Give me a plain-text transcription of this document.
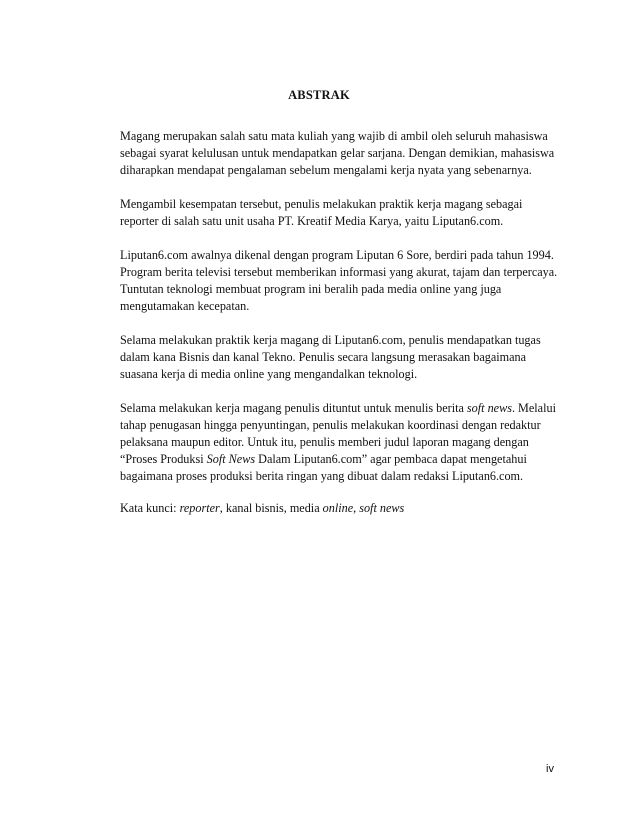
ABSTRAK

Magang merupakan salah satu mata kuliah yang wajib di ambil oleh seluruh mahasiswa sebagai syarat kelulusan untuk mendapatkan gelar sarjana. Dengan demikian, mahasiswa diharapkan mendapat pengalaman sebelum mengalami kerja nyata yang sebenarnya.

Mengambil kesempatan tersebut, penulis melakukan praktik kerja magang sebagai reporter di salah satu unit usaha PT. Kreatif Media Karya, yaitu Liputan6.com.

Liputan6.com awalnya dikenal dengan program Liputan 6 Sore, berdiri pada tahun 1994. Program berita televisi tersebut memberikan informasi yang akurat, tajam dan terpercaya. Tuntutan teknologi membuat program ini beralih pada media online yang juga mengutamakan kecepatan.

Selama melakukan praktik kerja magang di Liputan6.com, penulis mendapatkan tugas dalam kana Bisnis dan kanal Tekno. Penulis secara langsung merasakan bagaimana suasana kerja di media online yang mengandalkan teknologi.

Selama melakukan kerja magang penulis dituntut untuk menulis berita soft news. Melalui tahap penugasan hingga penyuntingan, penulis melakukan koordinasi dengan redaktur pelaksana maupun editor. Untuk itu, penulis memberi judul laporan magang dengan “Proses Produksi Soft News Dalam Liputan6.com” agar pembaca dapat mengetahui bagaimana proses produksi berita ringan yang dibuat dalam redaksi Liputan6.com.

Kata kunci: reporter, kanal bisnis, media online, soft news

iv
